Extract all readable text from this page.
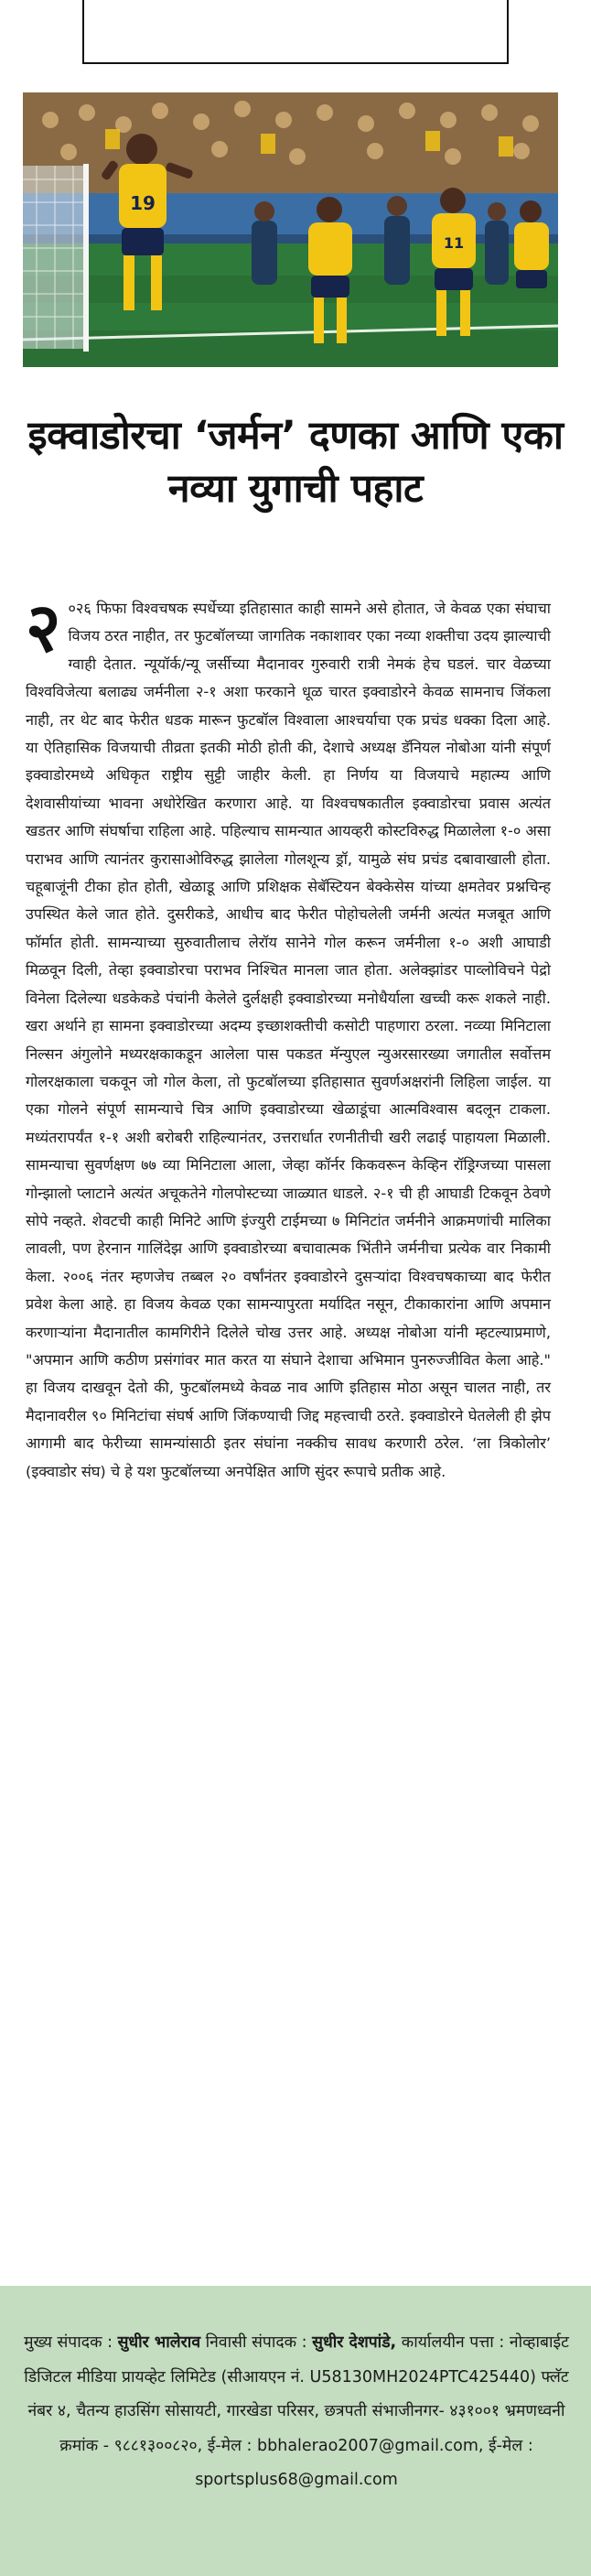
19
11
इक्वाडोरचा ‘जर्मन’ दणका आणि एका नव्या युगाची पहाट
२ ०२६ फिफा विश्वचषक स्पर्धेच्या इतिहासात काही सामने असे होतात, जे केवळ एका संघाचा विजय ठरत नाहीत, तर फुटबॉलच्या जागतिक नकाशावर एका नव्या शक्तीचा उदय झाल्याची ग्वाही देतात. न्यूयॉर्क/न्यू जर्सीच्या मैदानावर गुरुवारी रात्री नेमकं हेच घडलं. चार वेळच्या विश्वविजेत्या बलाढ्य जर्मनीला २-१ अशा फरकाने धूळ चारत इक्वाडोरने केवळ सामनाच जिंकला नाही, तर थेट बाद फेरीत धडक मारून फुटबॉल विश्वाला आश्चर्याचा एक प्रचंड धक्का दिला आहे. या ऐतिहासिक विजयाची तीव्रता इतकी मोठी होती की, देशाचे अध्यक्ष डॅनियल नोबोआ यांनी संपूर्ण इक्वाडोरमध्ये अधिकृत राष्ट्रीय सुट्टी जाहीर केली. हा निर्णय या विजयाचे महात्म्य आणि देशवासीयांच्या भावना अधोरेखित करणारा आहे. या विश्वचषकातील इक्वाडोरचा प्रवास अत्यंत खडतर आणि संघर्षाचा राहिला आहे. पहिल्याच सामन्यात आयव्हरी कोस्टविरुद्ध मिळालेला १-० असा पराभव आणि त्यानंतर कुरासाओविरुद्ध झालेला गोलशून्य ड्रॉ, यामुळे संघ प्रचंड दबावाखाली होता. चहूबाजूंनी टीका होत होती, खेळाडू आणि प्रशिक्षक सेबॅस्टियन बेक्केसेस यांच्या क्षमतेवर प्रश्नचिन्ह उपस्थित केले जात होते. दुसरीकडे, आधीच बाद फेरीत पोहोचलेली जर्मनी अत्यंत मजबूत आणि फॉर्मात होती. सामन्याच्या सुरुवातीलाच लेरॉय सानेने गोल करून जर्मनीला १-० अशी आघाडी मिळवून दिली, तेव्हा इक्वाडोरचा पराभव निश्चित मानला जात होता. अलेक्झांडर पाव्लोविचने पेद्रो विनेला दिलेल्या धडकेकडे पंचांनी केलेले दुर्लक्षही इक्वाडोरच्या मनोधैर्याला खच्ची करू शकले नाही. खरा अर्थाने हा सामना इक्वाडोरच्या अदम्य इच्छाशक्तीची कसोटी पाहणारा ठरला. नव्व्या मिनिटाला निल्सन अंगुलोने मध्यरक्षकाकडून आलेला पास पकडत मॅन्युएल न्युअरसारख्या जगातील सर्वोत्तम गोलरक्षकाला चकवून जो गोल केला, तो फुटबॉलच्या इतिहासात सुवर्णअक्षरांनी लिहिला जाईल. या एका गोलने संपूर्ण सामन्याचे चित्र आणि इक्वाडोरच्या खेळाडूंचा आत्मविश्वास बदलून टाकला. मध्यंतरापर्यंत १-१ अशी बरोबरी राहिल्यानंतर, उत्तरार्धात रणनीतीची खरी लढाई पाहायला मिळाली. सामन्याचा सुवर्णक्षण ७७ व्या मिनिटाला आला, जेव्हा कॉर्नर किकवरून केव्हिन रॉड्रिग्जच्या पासला गोन्झालो प्लाटाने अत्यंत अचूकतेने गोलपोस्टच्या जाळ्यात धाडले. २-१ ची ही आघाडी टिकवून ठेवणे सोपे नव्हते. शेवटची काही मिनिटे आणि इंज्युरी टाईमच्या ७ मिनिटांत जर्मनीने आक्रमणांची मालिका लावली, पण हेरनान गालिंदेझ आणि इक्वाडोरच्या बचावात्मक भिंतीने जर्मनीचा प्रत्येक वार निकामी केला. २००६ नंतर म्हणजेच तब्बल २० वर्षांनंतर इक्वाडोरने दुसऱ्यांदा विश्वचषकाच्या बाद फेरीत प्रवेश केला आहे. हा विजय केवळ एका सामन्यापुरता मर्यादित नसून, टीकाकारांना आणि अपमान करणाऱ्यांना मैदानातील कामगिरीने दिलेले चोख उत्तर आहे. अध्यक्ष नोबोआ यांनी म्हटल्याप्रमाणे, "अपमान आणि कठीण प्रसंगांवर मात करत या संघाने देशाचा अभिमान पुनरुज्जीवित केला आहे." हा विजय दाखवून देतो की, फुटबॉलमध्ये केवळ नाव आणि इतिहास मोठा असून चालत नाही, तर मैदानावरील ९० मिनिटांचा संघर्ष आणि जिंकण्याची जिद्द महत्त्वाची ठरते. इक्वाडोरने घेतलेली ही झेप आगामी बाद फेरीच्या सामन्यांसाठी इतर संघांना नक्कीच सावध करणारी ठरेल. ‘ला त्रिकोलोर’ (इक्वाडोर संघ) चे हे यश फुटबॉलच्या अनपेक्षित आणि सुंदर रूपाचे प्रतीक आहे.
मुख्य संपादक : सुधीर भालेराव निवासी संपादक : सुधीर देशपांडे, कार्यालयीन पत्ता : नोव्हाबाईट डिजिटल मीडिया प्रायव्हेट लिमिटेड (सीआयएन नं. U58130MH2024PTC425440) फ्लॅट नंबर ४, चैतन्य हाउसिंग सोसायटी, गारखेडा परिसर, छत्रपती संभाजीनगर- ४३१००१ भ्रमणध्वनी क्रमांक - ९८८१३००८२०, ई-मेल : bbhalerao2007@gmail.com, ई-मेल : sportsplus68@gmail.com
